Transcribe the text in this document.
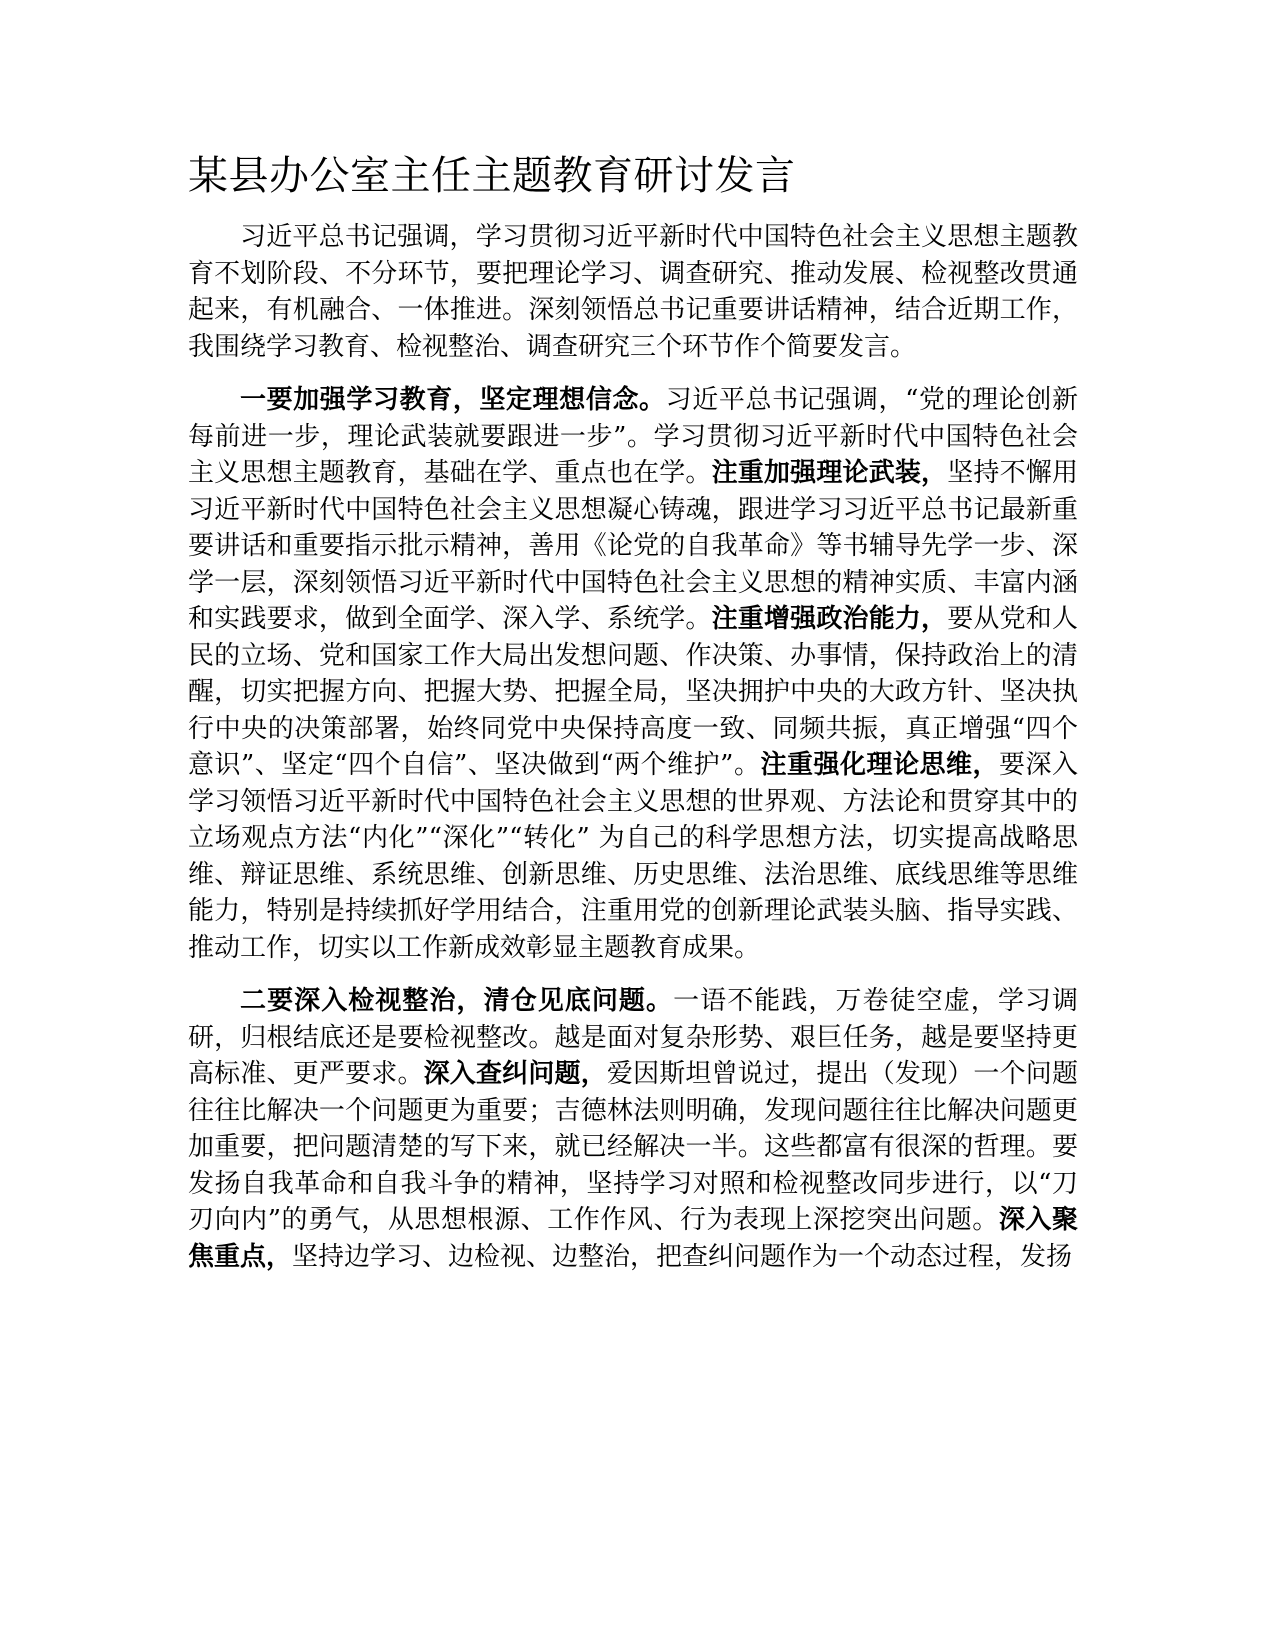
某县办公室主任主题教育研讨发言

习近平总书记强调，学习贯彻习近平新时代中国特色社会主义思想主题教育不划阶段、不分环节，要把理论学习、调查研究、推动发展、检视整改贯通起来，有机融合、一体推进。深刻领悟总书记重要讲话精神，结合近期工作，我围绕学习教育、检视整治、调查研究三个环节作个简要发言。

一要加强学习教育，坚定理想信念。习近平总书记强调，“党的理论创新每前进一步，理论武装就要跟进一步”。学习贯彻习近平新时代中国特色社会主义思想主题教育，基础在学、重点也在学。注重加强理论武装，坚持不懈用习近平新时代中国特色社会主义思想凝心铸魂，跟进学习习近平总书记最新重要讲话和重要指示批示精神，善用《论党的自我革命》等书辅导先学一步、深学一层，深刻领悟习近平新时代中国特色社会主义思想的精神实质、丰富内涵和实践要求，做到全面学、深入学、系统学。注重增强政治能力，要从党和人民的立场、党和国家工作大局出发想问题、作决策、办事情，保持政治上的清醒，切实把握方向、把握大势、把握全局，坚决拥护中央的大政方针、坚决执行中央的决策部署，始终同党中央保持高度一致、同频共振，真正增强“四个意识”、坚定“四个自信”、坚决做到“两个维护”。注重强化理论思维，要深入学习领悟习近平新时代中国特色社会主义思想的世界观、方法论和贯穿其中的立场观点方法“内化”“深化”“转化” 为自己的科学思想方法，切实提高战略思维、辩证思维、系统思维、创新思维、历史思维、法治思维、底线思维等思维能力，特别是持续抓好学用结合，注重用党的创新理论武装头脑、指导实践、推动工作，切实以工作新成效彰显主题教育成果。

二要深入检视整治，清仓见底问题。一语不能践，万卷徒空虚，学习调研，归根结底还是要检视整改。越是面对复杂形势、艰巨任务，越是要坚持更高标准、更严要求。深入查纠问题，爱因斯坦曾说过，提出（发现）一个问题往往比解决一个问题更为重要；吉德林法则明确，发现问题往往比解决问题更加重要，把问题清楚的写下来，就已经解决一半。这些都富有很深的哲理。要发扬自我革命和自我斗争的精神，坚持学习对照和检视整改同步进行，以“刀刃向内”的勇气，从思想根源、工作作风、行为表现上深挖突出问题。深入聚焦重点，坚持边学习、边检视、边整治，把查纠问题作为一个动态过程，发扬
